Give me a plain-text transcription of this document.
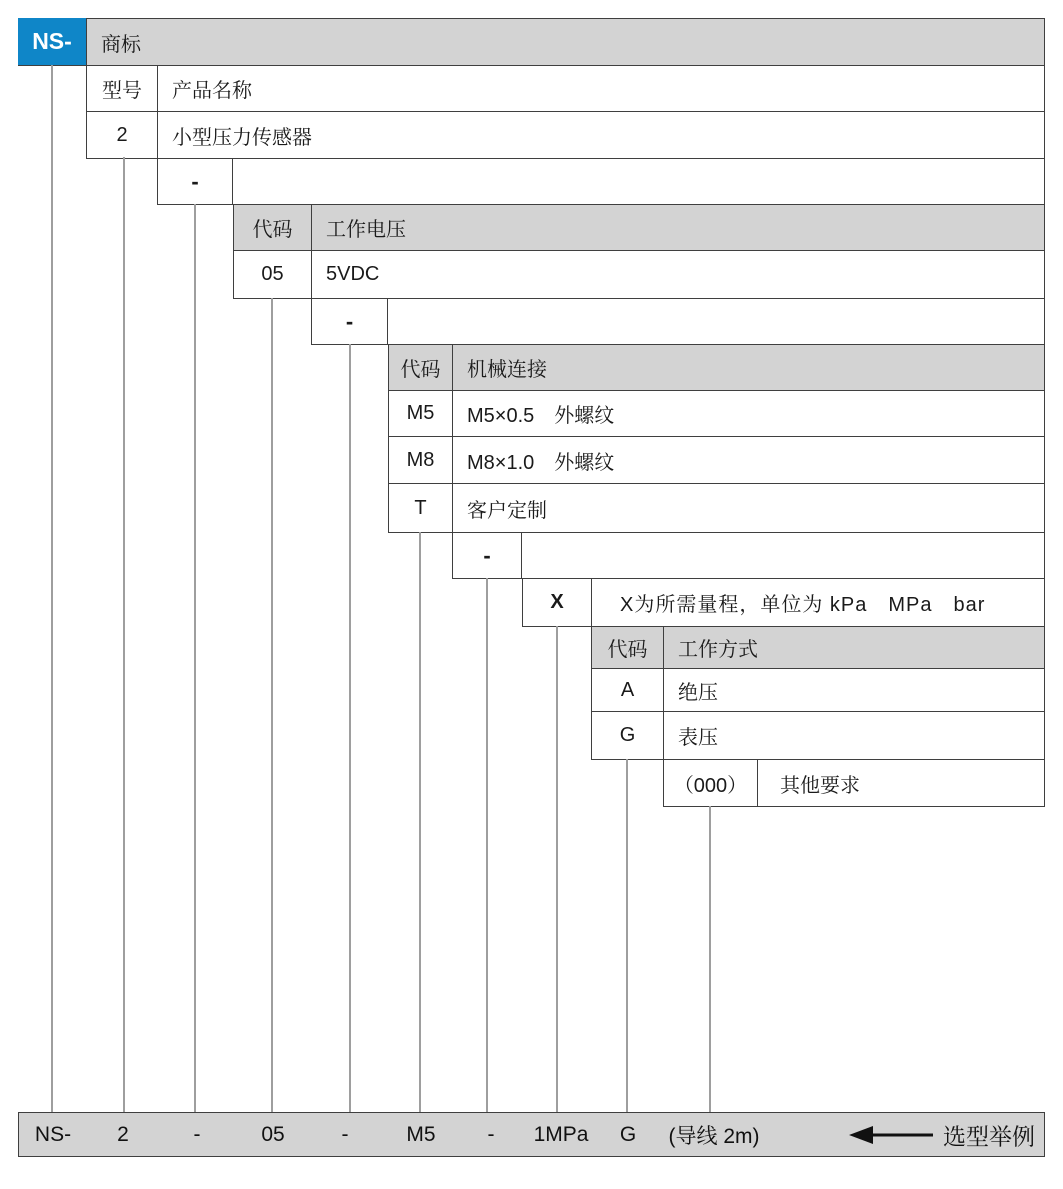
NS-	商标
型号	产品名称
2	小型压力传感器
-
代码	工作电压
05	5VDC
-
代码	机械连接
M5	M5×0.5　外螺纹
M8	M8×1.0　外螺纹
T	客户定制
-
X	X为所需量程，单位为 kPa　MPa　bar
代码	工作方式
A	绝压
G	表压
（000）	其他要求
NS- 2	-	05	-	M5 - 1MPa G (导线 2m)	选型举例
